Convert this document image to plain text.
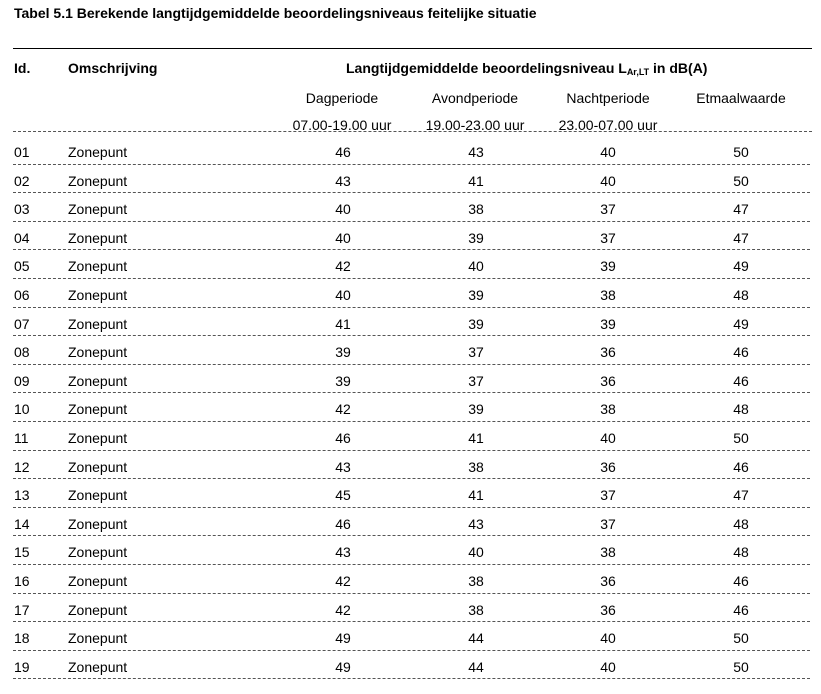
Tabel 5.1 Berekende langtijdgemiddelde beoordelingsniveaus feitelijke situatie
Id.	Omschrijving	Langtijdgemiddelde beoordelingsniveau $L_{Ar,LT}$ in dB(A)
Dagperiode	Avondperiode	Nachtperiode	Etmaalwaarde
07.00-19.00 uur	19.00-23.00 uur	23.00-07.00 uur
01	Zonepunt	46	43	40	50
02	Zonepunt	43	41	40	50
03	Zonepunt	40	38	37	47
04	Zonepunt	40	39	37	47
05	Zonepunt	42	40	39	49
06	Zonepunt	40	39	38	48
07	Zonepunt	41	39	39	49
08	Zonepunt	39	37	36	46
09	Zonepunt	39	37	36	46
10	Zonepunt	42	39	38	48
11	Zonepunt	46	41	40	50
12	Zonepunt	43	38	36	46
13	Zonepunt	45	41	37	47
14	Zonepunt	46	43	37	48
15	Zonepunt	43	40	38	48
16	Zonepunt	42	38	36	46
17	Zonepunt	42	38	36	46
18	Zonepunt	49	44	40	50
19	Zonepunt	49	44	40	50
